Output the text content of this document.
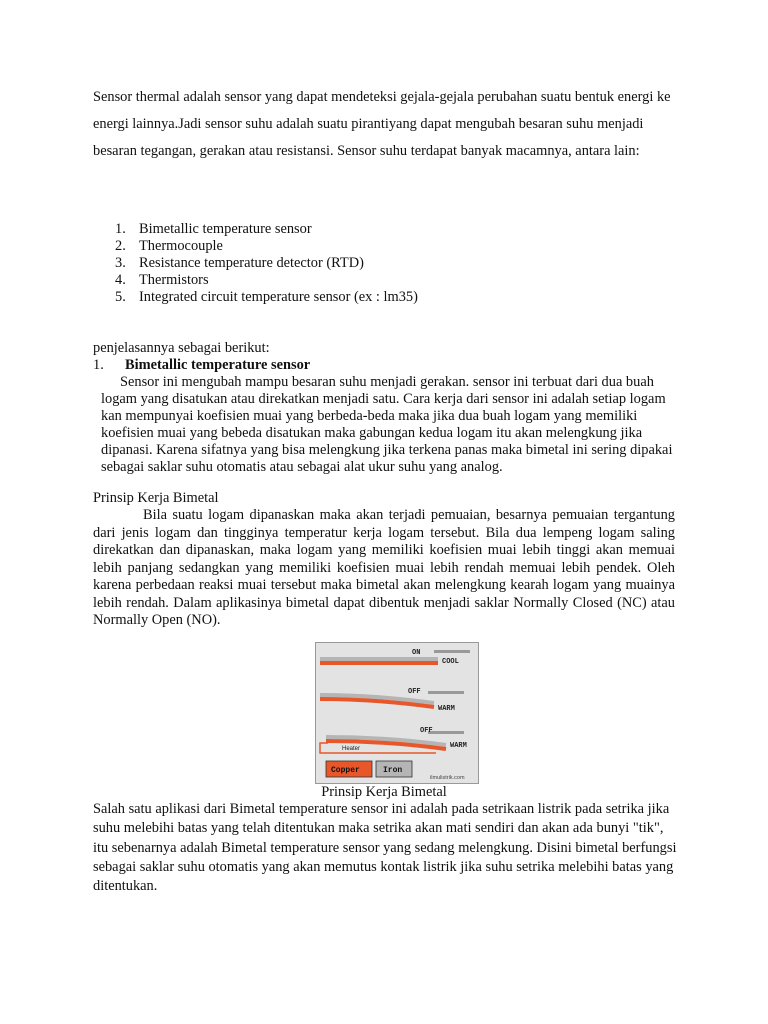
Sensor thermal adalah sensor yang dapat mendeteksi gejala-gejala perubahan suatu bentuk energi ke energi lainnya.Jadi sensor suhu adalah suatu pirantiyang dapat mengubah besaran suhu menjadi besaran tegangan, gerakan atau resistansi. Sensor suhu terdapat banyak macamnya, antara lain:

1. Bimetallic temperature sensor
2. Thermocouple
3. Resistance temperature detector (RTD)
4. Thermistors
5. Integrated circuit temperature sensor (ex : lm35)

penjelasannya sebagai berikut:

1. Bimetallic temperature sensor

Sensor ini mengubah mampu besaran suhu menjadi gerakan. sensor ini terbuat dari dua buah logam yang disatukan atau direkatkan menjadi satu. Cara kerja dari sensor ini adalah setiap logam kan mempunyai koefisien muai yang berbeda-beda maka jika dua buah logam yang memiliki koefisien muai yang bebeda disatukan maka gabungan kedua logam itu akan melengkung jika dipanasi. Karena sifatnya yang bisa melengkung jika terkena panas maka bimetal ini sering dipakai sebagai saklar suhu otomatis atau sebagai alat ukur suhu yang analog.

Prinsip Kerja Bimetal

Bila suatu logam dipanaskan maka akan terjadi pemuaian, besarnya pemuaian tergantung dari jenis logam dan tingginya temperatur kerja logam tersebut. Bila dua lempeng logam saling direkatkan dan dipanaskan, maka logam yang memiliki koefisien muai lebih tinggi akan memuai lebih panjang sedangkan yang memiliki koefisien muai lebih rendah memuai lebih pendek. Oleh karena perbedaan reaksi muai tersebut maka bimetal akan melengkung kearah logam yang muainya lebih rendah. Dalam aplikasinya bimetal dapat dibentuk menjadi saklar Normally Closed (NC) atau Normally Open (NO).

ON
COOL
OFF
WARM
OFF
WARM
Heater
Copper	Iron
ilmulistrik.com

Prinsip Kerja Bimetal

Salah satu aplikasi dari Bimetal temperature sensor ini adalah pada setrikaan listrik pada setrika jika suhu melebihi batas yang telah ditentukan maka setrika akan mati sendiri dan akan ada bunyi "tik", itu sebenarnya adalah Bimetal temperature sensor yang sedang melengkung. Disini bimetal berfungsi sebagai saklar suhu otomatis yang akan memutus kontak listrik jika suhu setrika melebihi batas yang ditentukan.
